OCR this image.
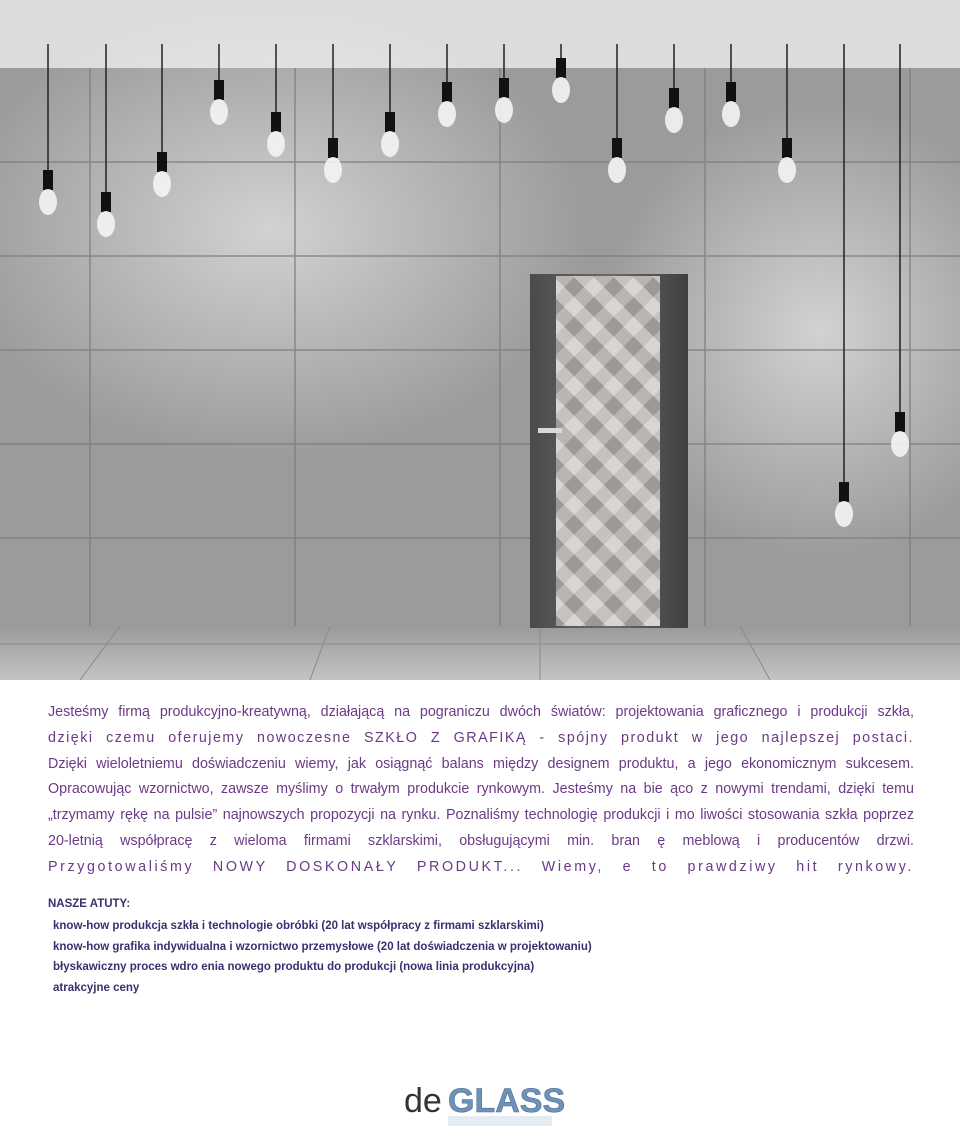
Jesteśmy firmą produkcyjno-kreatywną, działającą na pograniczu dwóch światów: projektowania graficznego i produkcji szkła,
dzięki czemu oferujemy nowoczesne SZKŁO Z GRAFIKĄ - spójny produkt w jego najlepszej postaci.
Dzięki wieloletniemu doświadczeniu wiemy, jak osiągnąć balans między designem produktu, a jego ekonomicznym sukcesem.
Opracowując wzornictwo, zawsze myślimy o trwałym produkcie rynkowym. Jesteśmy na bie ąco z nowymi trendami, dzięki temu
„trzymamy rękę na pulsie” najnowszych propozycji na rynku. Poznaliśmy technologię produkcji i mo liwości stosowania szkła poprzez
20-letnią współpracę z wieloma firmami szklarskimi, obsługującymi min. bran ę meblową i producentów drzwi.
Przygotowaliśmy NOWY DOSKONAŁY PRODUKT... Wiemy, e to prawdziwy hit rynkowy.
NASZE ATUTY:
know-how produkcja szkła i technologie obróbki (20 lat współpracy z firmami szklarskimi)
know-how grafika indywidualna i wzornictwo przemysłowe (20 lat doświadczenia w projektowaniu)
błyskawiczny proces wdro enia nowego produktu do produkcji (nowa linia produkcyjna)
atrakcyjne ceny
de GLASS
